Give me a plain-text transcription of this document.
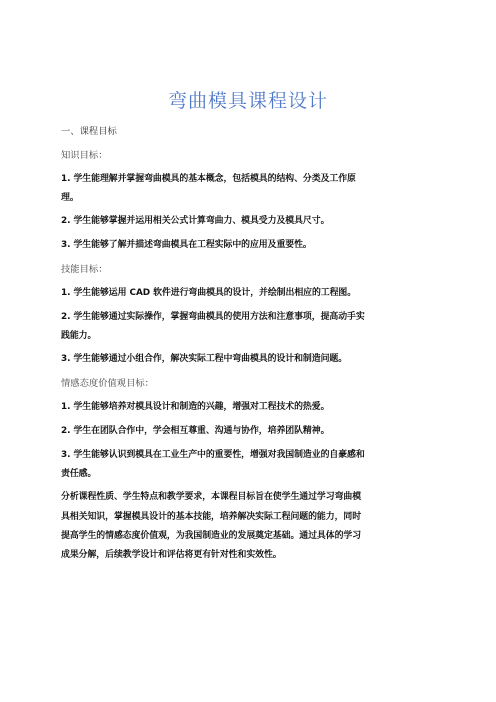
弯曲模具课程设计

一、课程目标

知识目标：

1. 学生能理解并掌握弯曲模具的基本概念，包括模具的结构、分类及工作原

理。

2. 学生能够掌握并运用相关公式计算弯曲力、模具受力及模具尺寸。

3. 学生能够了解并描述弯曲模具在工程实际中的应用及重要性。

技能目标：

1. 学生能够运用 CAD 软件进行弯曲模具的设计，并绘制出相应的工程图。

2. 学生能够通过实际操作，掌握弯曲模具的使用方法和注意事项，提高动手实

践能力。

3. 学生能够通过小组合作，解决实际工程中弯曲模具的设计和制造问题。

情感态度价值观目标：

1. 学生能够培养对模具设计和制造的兴趣，增强对工程技术的热爱。

2. 学生在团队合作中，学会相互尊重、沟通与协作，培养团队精神。

3. 学生能够认识到模具在工业生产中的重要性，增强对我国制造业的自豪感和

责任感。

分析课程性质、学生特点和教学要求，本课程目标旨在使学生通过学习弯曲模

具相关知识，掌握模具设计的基本技能，培养解决实际工程问题的能力，同时

提高学生的情感态度价值观，为我国制造业的发展奠定基础。通过具体的学习

成果分解，后续教学设计和评估将更有针对性和实效性。
